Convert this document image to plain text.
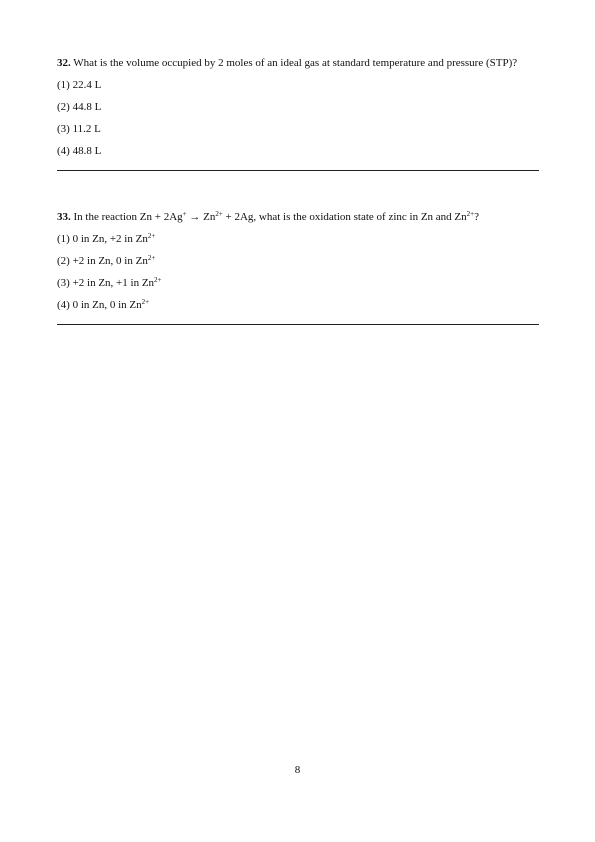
32. What is the volume occupied by 2 moles of an ideal gas at standard temperature and pressure (STP)?

(1) 22.4 L
(2) 44.8 L
(3) 11.2 L
(4) 48.8 L

33. In the reaction $Zn + 2Ag^+ \to Zn^{2+} + 2Ag$, what is the oxidation state of zinc in Zn and $Zn^{2+}$?

(1) 0 in Zn, +2 in $Zn^{2+}$
(2) +2 in Zn, 0 in $Zn^{2+}$
(3) +2 in Zn, +1 in $Zn^{2+}$
(4) 0 in Zn, 0 in $Zn^{2+}$
8
